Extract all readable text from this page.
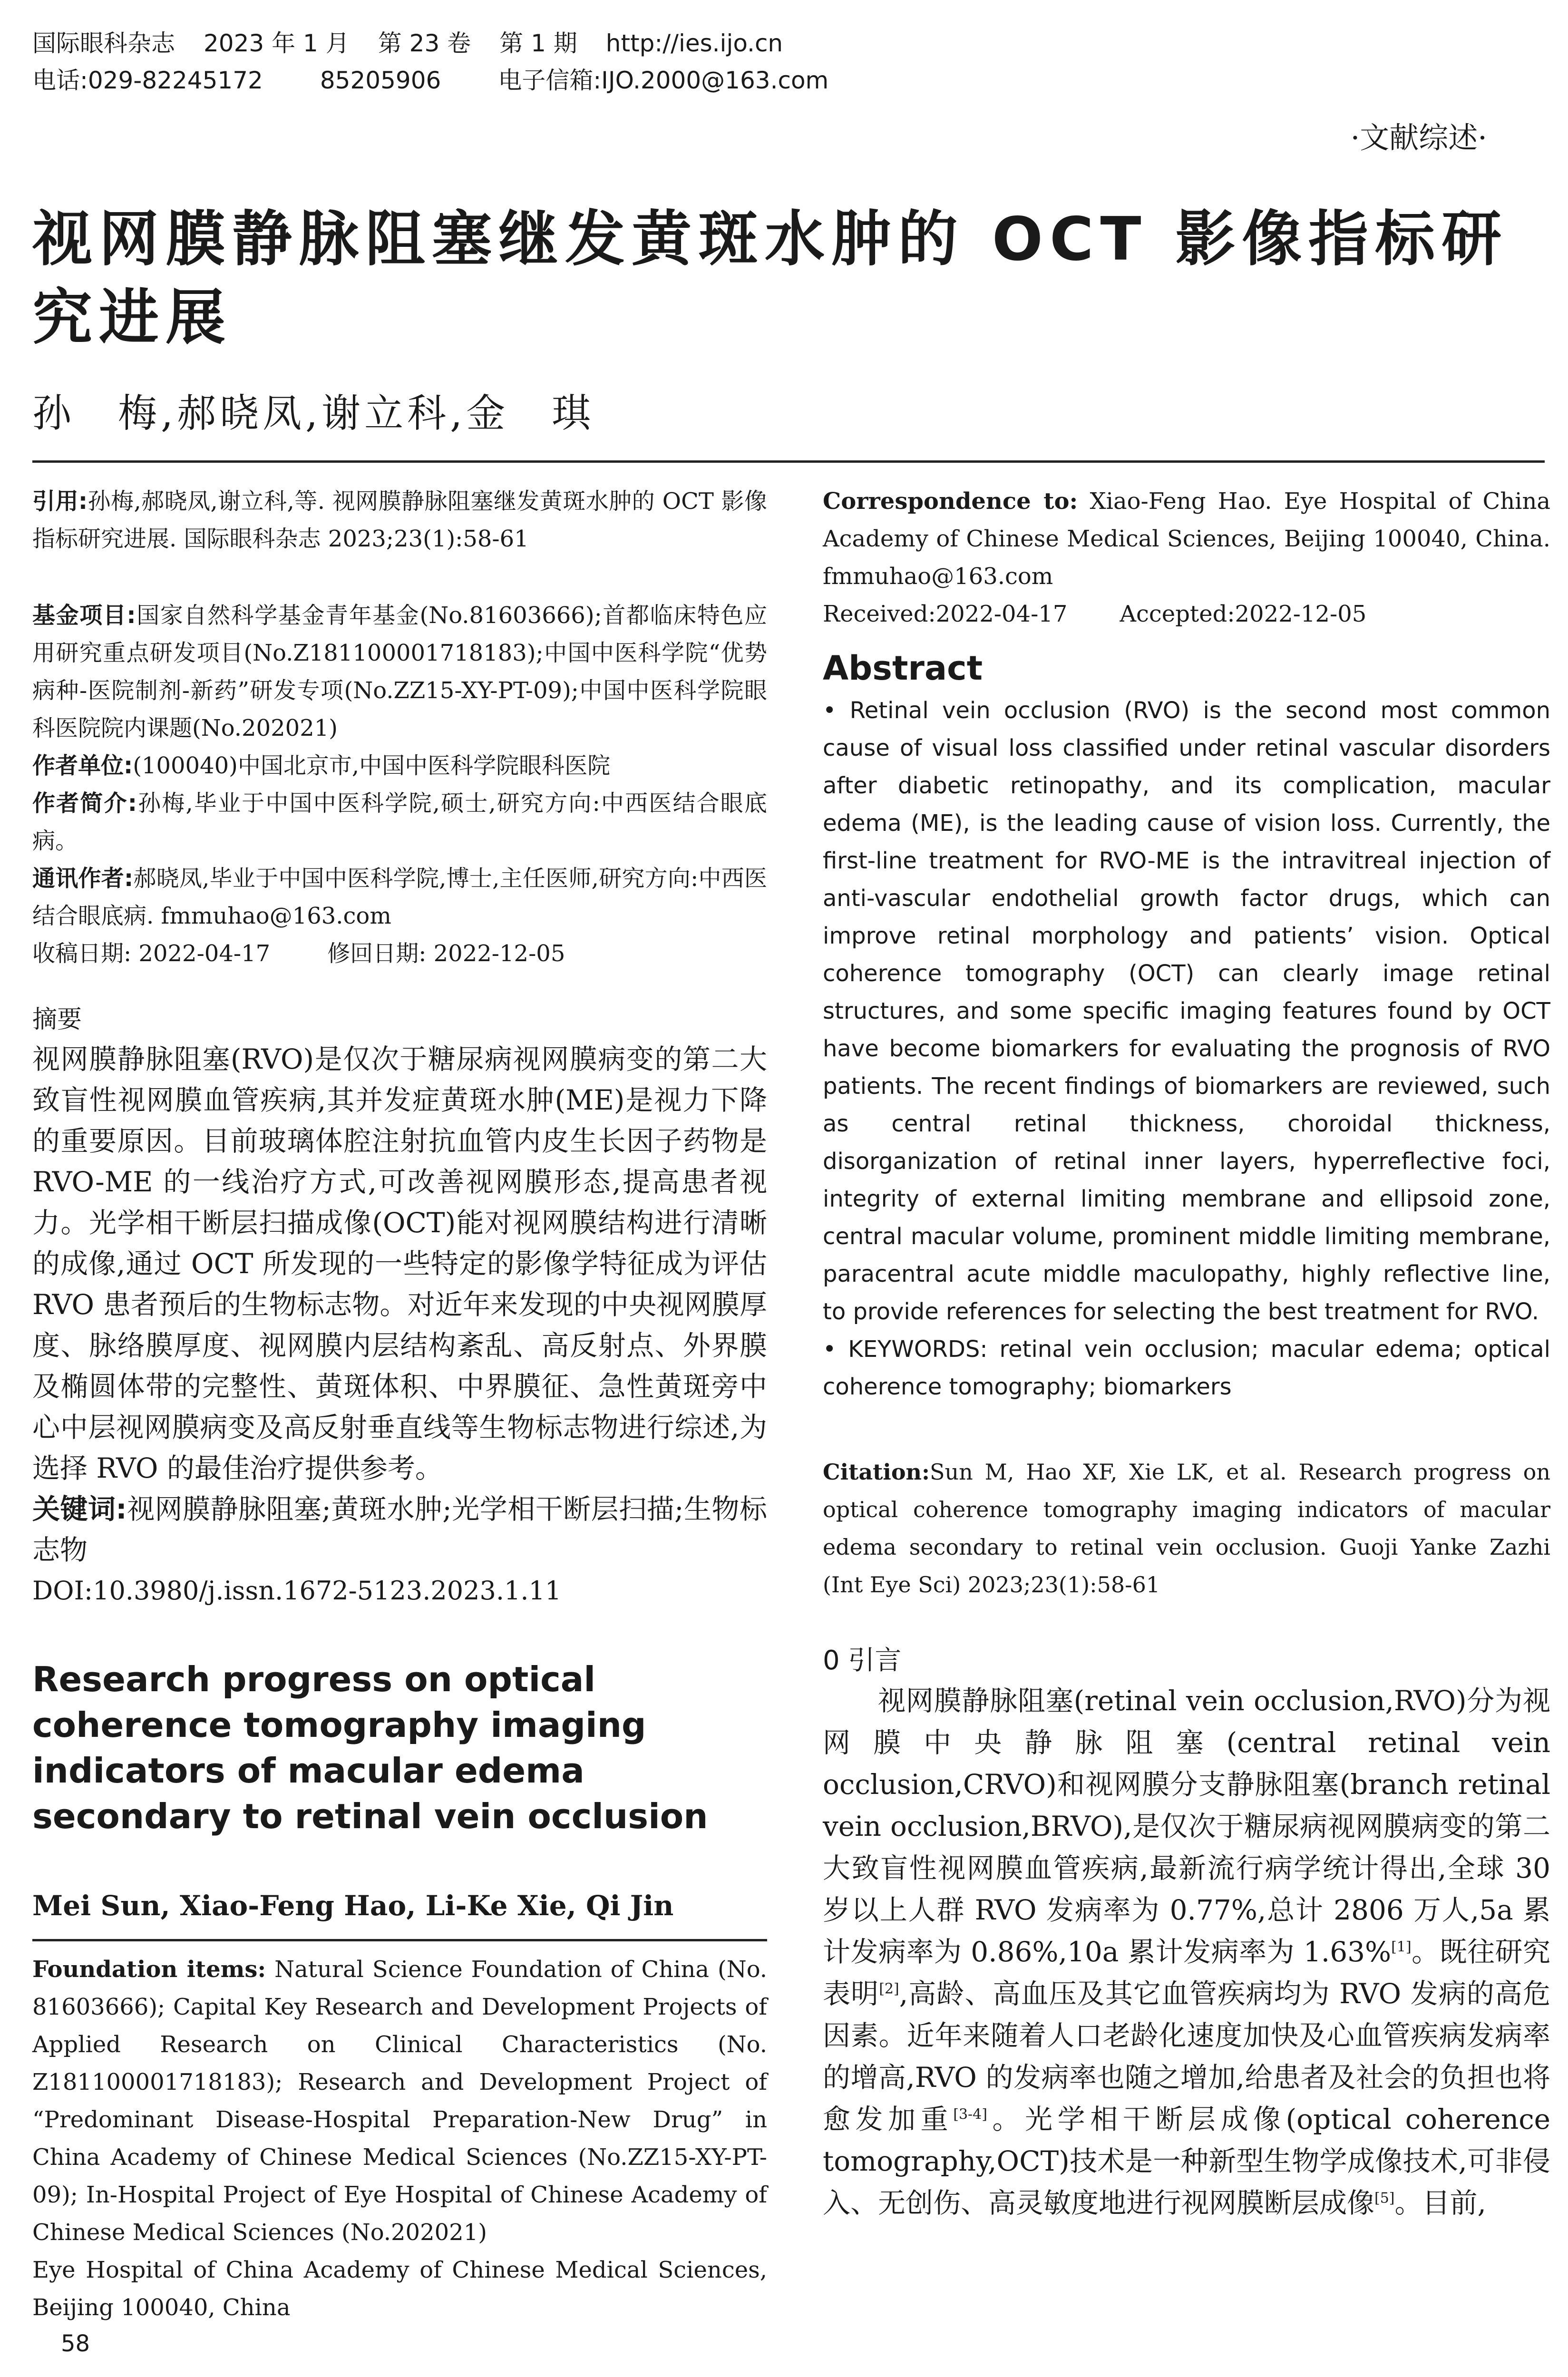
国际眼科杂志 2023 年 1 月 第 23 卷 第 1 期 http://ies.ijo.cn
电话:029-82245172 85205906 电子信箱:IJO.2000@163.com
·文献综述·
视网膜静脉阻塞继发黄斑水肿的 OCT 影像指标研究进展
孙　梅,郝晓凤,谢立科,金　琪

引用:孙梅,郝晓凤,谢立科,等. 视网膜静脉阻塞继发黄斑水肿的 OCT 影像指标研究进展. 国际眼科杂志 2023;23(1):58-61

基金项目:国家自然科学基金青年基金(No.81603666);首都临床特色应用研究重点研发项目(No.Z181100001718183);中国中医科学院“优势病种-医院制剂-新药”研发专项(No.ZZ15-XY-PT-09);中国中医科学院眼科医院院内课题(No.202021)

作者单位:(100040)中国北京市,中国中医科学院眼科医院

作者简介:孙梅,毕业于中国中医科学院,硕士,研究方向:中西医结合眼底病。

通讯作者:郝晓凤,毕业于中国中医科学院,博士,主任医师,研究方向:中西医结合眼底病. fmmuhao@163.com

收稿日期: 2022-04-17	修回日期: 2022-12-05

摘要

视网膜静脉阻塞(RVO)是仅次于糖尿病视网膜病变的第二大致盲性视网膜血管疾病,其并发症黄斑水肿(ME)是视力下降的重要原因。目前玻璃体腔注射抗血管内皮生长因子药物是 RVO-ME 的一线治疗方式,可改善视网膜形态,提高患者视力。光学相干断层扫描成像(OCT)能对视网膜结构进行清晰的成像,通过 OCT 所发现的一些特定的影像学特征成为评估 RVO 患者预后的生物标志物。对近年来发现的中央视网膜厚度、脉络膜厚度、视网膜内层结构紊乱、高反射点、外界膜及椭圆体带的完整性、黄斑体积、中界膜征、急性黄斑旁中心中层视网膜病变及高反射垂直线等生物标志物进行综述,为选择 RVO 的最佳治疗提供参考。

关键词:视网膜静脉阻塞;黄斑水肿;光学相干断层扫描;生物标志物

DOI:10.3980/j.issn.1672-5123.2023.1.11

Research progress on optical coherence tomography imaging indicators of macular edema secondary to retinal vein occlusion

Mei Sun, Xiao-Feng Hao, Li-Ke Xie, Qi Jin

Foundation items: Natural Science Foundation of China (No. 81603666); Capital Key Research and Development Projects of Applied Research on Clinical Characteristics (No. Z181100001718183); Research and Development Project of “Predominant Disease-Hospital Preparation-New Drug” in China Academy of Chinese Medical Sciences (No.ZZ15-XY-PT-09); In-Hospital Project of Eye Hospital of Chinese Academy of Chinese Medical Sciences (No.202021)

Eye Hospital of China Academy of Chinese Medical Sciences, Beijing 100040, China

Correspondence to: Xiao-Feng Hao. Eye Hospital of China Academy of Chinese Medical Sciences, Beijing 100040, China. fmmuhao@163.com

Received:2022-04-17 Accepted:2022-12-05

Abstract

• Retinal vein occlusion (RVO) is the second most common cause of visual loss classified under retinal vascular disorders after diabetic retinopathy, and its complication, macular edema (ME), is the leading cause of vision loss. Currently, the first-line treatment for RVO-ME is the intravitreal injection of anti-vascular endothelial growth factor drugs, which can improve retinal morphology and patients’ vision. Optical coherence tomography (OCT) can clearly image retinal structures, and some specific imaging features found by OCT have become biomarkers for evaluating the prognosis of RVO patients. The recent findings of biomarkers are reviewed, such as central retinal thickness, choroidal thickness, disorganization of retinal inner layers, hyperreflective foci, integrity of external limiting membrane and ellipsoid zone, central macular volume, prominent middle limiting membrane, paracentral acute middle maculopathy, highly reflective line, to provide references for selecting the best treatment for RVO.

• KEYWORDS: retinal vein occlusion; macular edema; optical coherence tomography; biomarkers

Citation:Sun M, Hao XF, Xie LK, et al. Research progress on optical coherence tomography imaging indicators of macular edema secondary to retinal vein occlusion. Guoji Yanke Zazhi (Int Eye Sci) 2023;23(1):58-61

0 引言

视网膜静脉阻塞(retinal vein occlusion,RVO)分为视网膜中央静脉阻塞(central retinal vein occlusion,CRVO)和视网膜分支静脉阻塞(branch retinal vein occlusion,BRVO),是仅次于糖尿病视网膜病变的第二大致盲性视网膜血管疾病,最新流行病学统计得出,全球 30 岁以上人群 RVO 发病率为 0.77%,总计 2806 万人,5a 累计发病率为 0.86%,10a 累计发病率为 1.63%[1]。既往研究表明[2],高龄、高血压及其它血管疾病均为 RVO 发病的高危因素。近年来随着人口老龄化速度加快及心血管疾病发病率的增高,RVO 的发病率也随之增加,给患者及社会的负担也将愈发加重[3-4]。光学相干断层成像(optical coherence tomography,OCT)技术是一种新型生物学成像技术,可非侵入、无创伤、高灵敏度地进行视网膜断层成像[5]。目前,

58
